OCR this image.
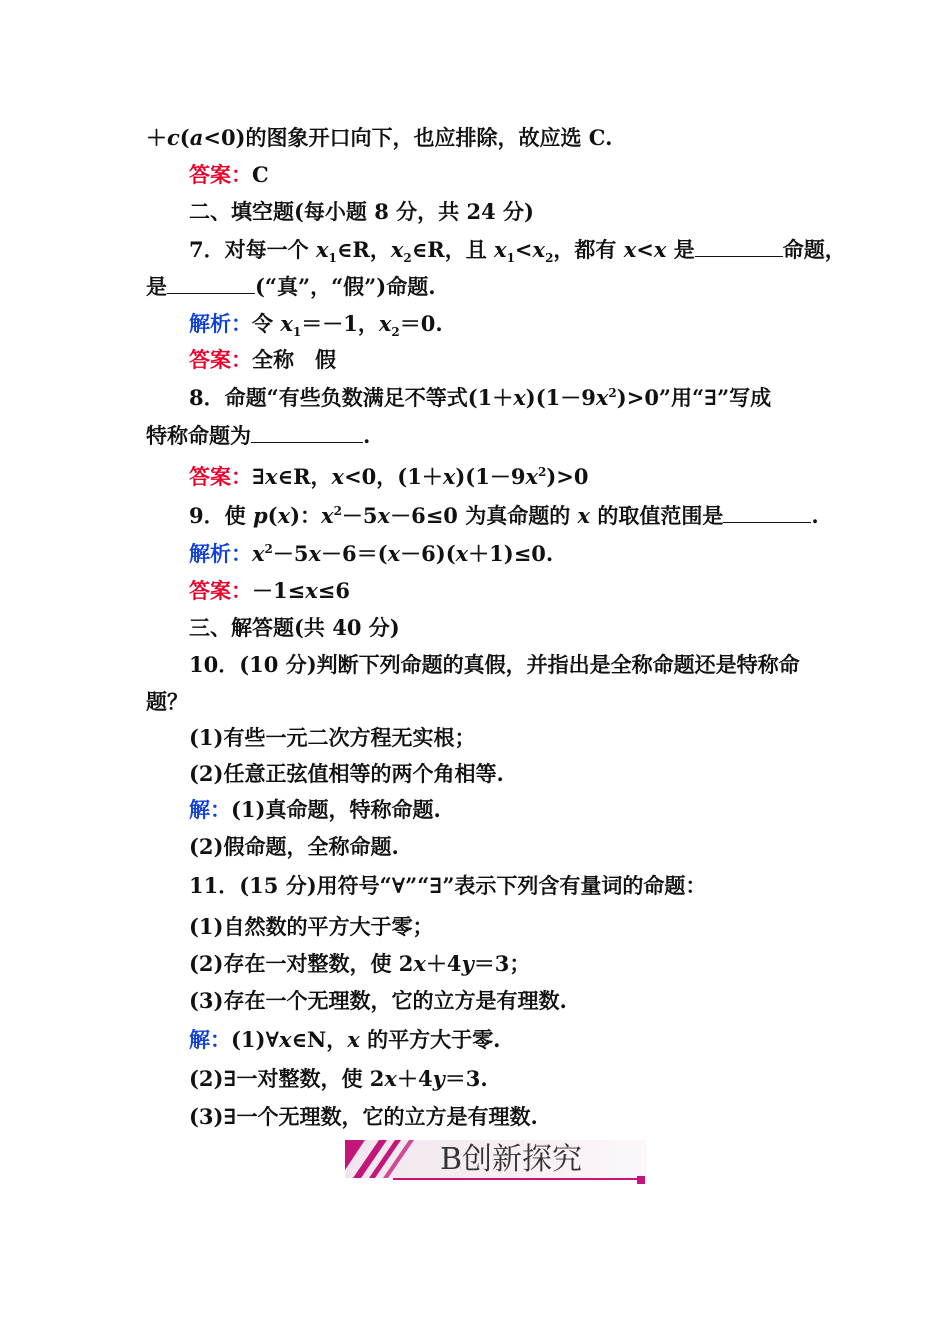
＋c(a<0)的图象开口向下，也应排除，故应选 C.
答案：C
二、填空题(每小题 8 分，共 24 分)
7．对每一个 $x_1\in R$，$x_2\in R$，且 $x_1<x_2$，都有 x<x 是	命题，
是	(“真”，“假”)命题.
解析：令 $x_1=-1$，$x_2=0$.
答案：全称　假
8．命题“有些负数满足不等式$(1+x)(1-9x^2)>0$”用“∃”写成
特称命题为	.
答案：∃x∈R，x<0，$(1+x)(1-9x^2)>0$
9．使 p(x)：$x^2-5x-6\le 0$ 为真命题的 x 的取值范围是	.
解析：$x^2-5x-6=(x-6)(x+1)\le 0$.
答案：－1≤x≤6
三、解答题(共 40 分)
10．(10 分)判断下列命题的真假，并指出是全称命题还是特称命
题？
(1)有些一元二次方程无实根；
(2)任意正弦值相等的两个角相等.
解：(1)真命题，特称命题.
(2)假命题，全称命题.
11．(15 分)用符号“∀”“∃”表示下列含有量词的命题：
(1)自然数的平方大于零；
(2)存在一对整数，使 2x＋4y＝3；
(3)存在一个无理数，它的立方是有理数.
解：(1)∀x∈N，x 的平方大于零.
(2)∃一对整数，使 2x＋4y＝3.
(3)∃一个无理数，它的立方是有理数.
B创新探究
